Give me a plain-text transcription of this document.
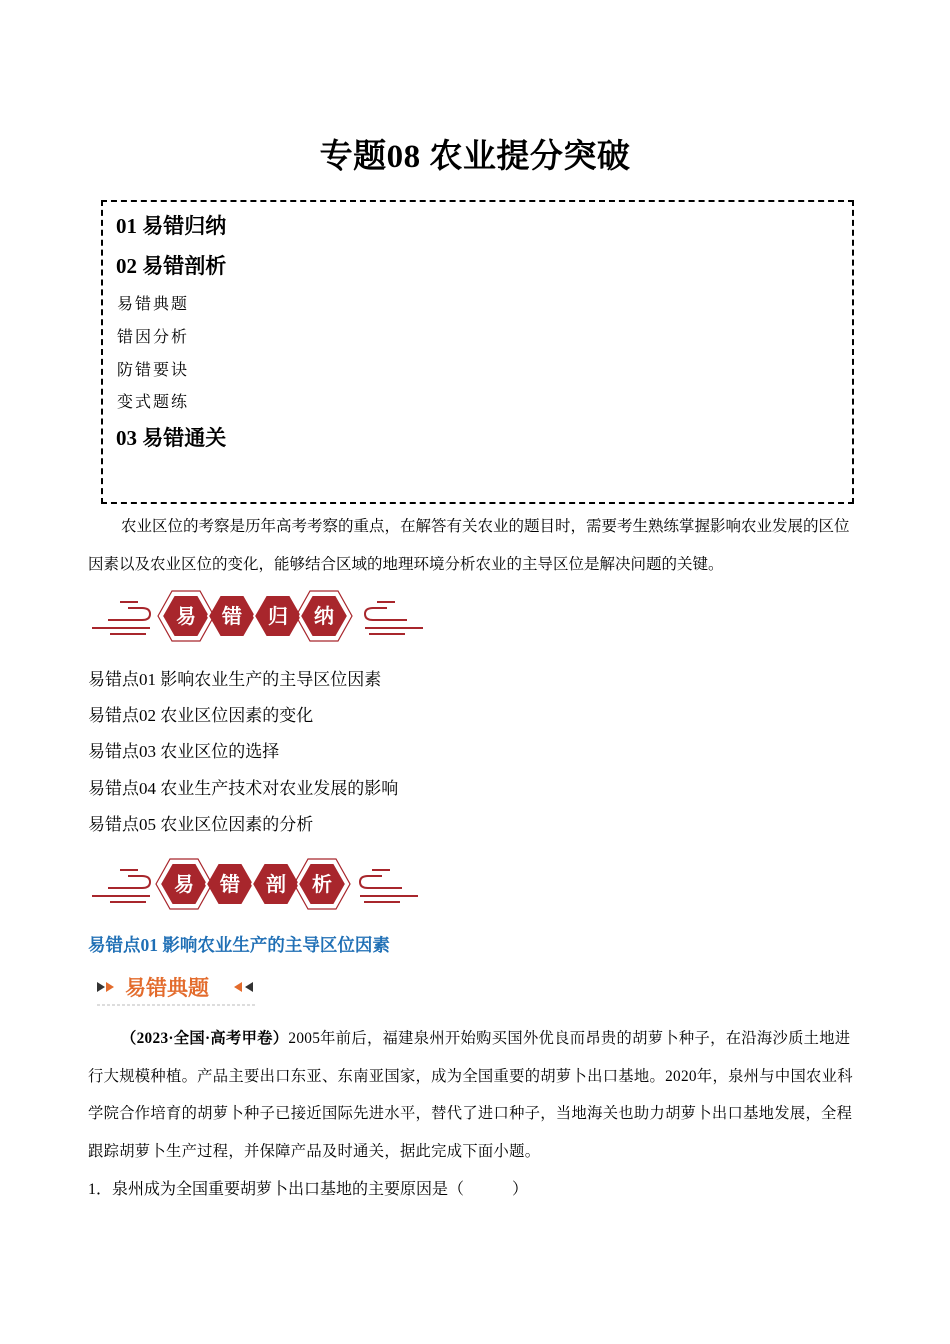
专题08 农业提分突破
01 易错归纳
02 易错剖析
易错典题
错因分析
防错要诀
变式题练
03 易错通关
农业区位的考察是历年高考考察的重点，在解答有关农业的题目时，需要考生熟练掌握影响农业发展的区位因素以及农业区位的变化，能够结合区域的地理环境分析农业的主导区位是解决问题的关键。
易 错 归 纳
易错点01 影响农业生产的主导区位因素
易错点02 农业区位因素的变化
易错点03 农业区位的选择
易错点04 农业生产技术对农业发展的影响
易错点05 农业区位因素的分析
易 错 剖 析
易错点01 影响农业生产的主导区位因素
易错典题
（2023·全国·高考甲卷）2005年前后，福建泉州开始购买国外优良而昂贵的胡萝卜种子，在沿海沙质土地进行大规模种植。产品主要出口东亚、东南亚国家，成为全国重要的胡萝卜出口基地。2020年，泉州与中国农业科学院合作培育的胡萝卜种子已接近国际先进水平，替代了进口种子，当地海关也助力胡萝卜出口基地发展，全程跟踪胡萝卜生产过程，并保障产品及时通关，据此完成下面小题。
1．泉州成为全国重要胡萝卜出口基地的主要原因是（　　　）
